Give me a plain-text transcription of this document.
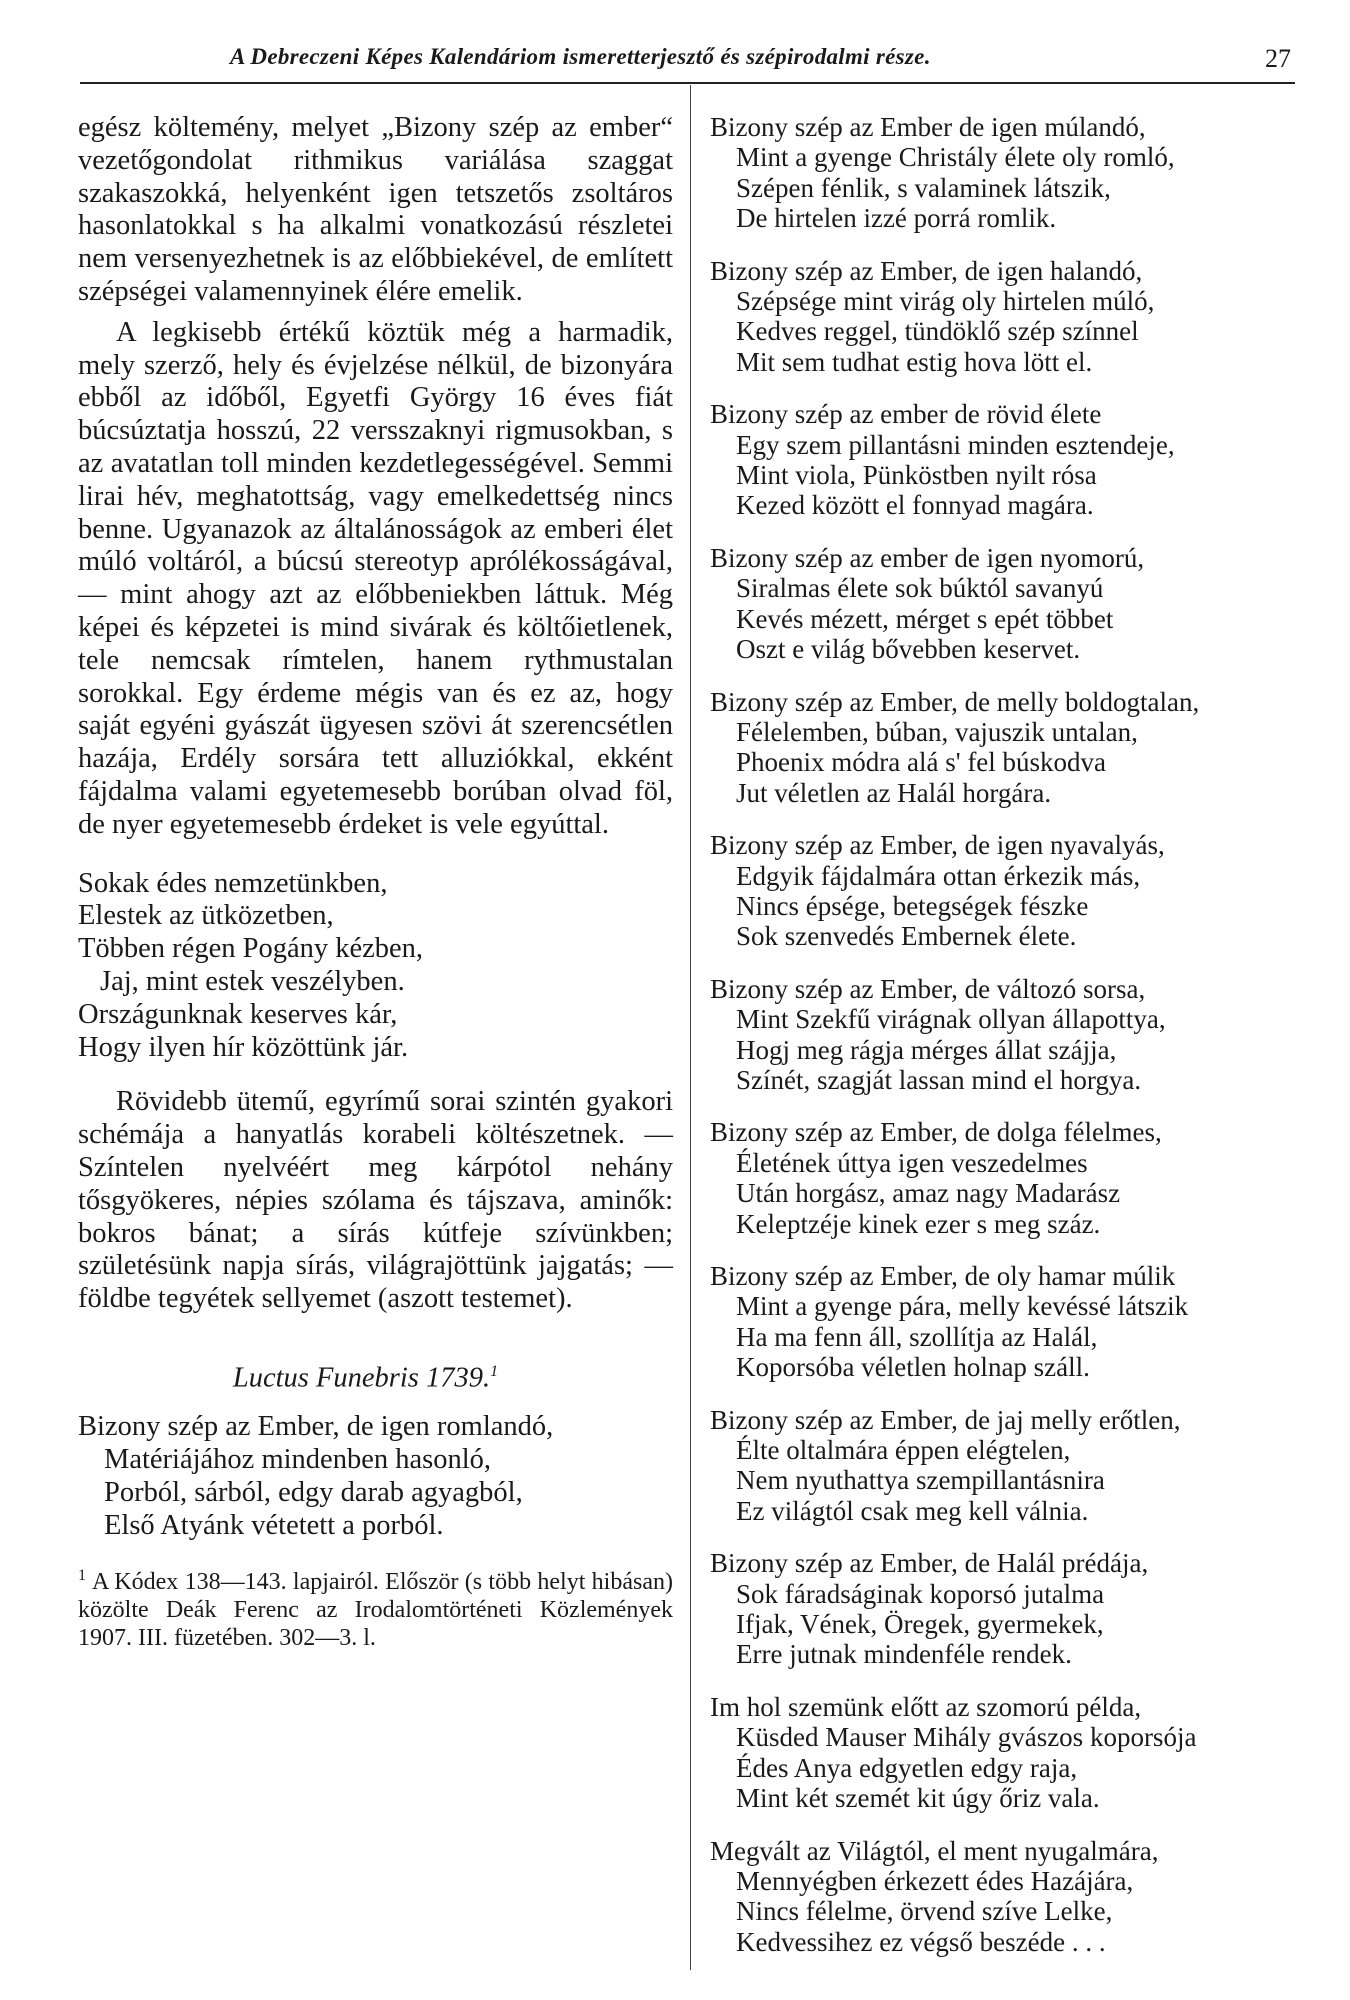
A Debreczeni Képes Kalendáriom ismeretterjesztő és szépirodalmi része.	27
egész költemény, melyet „Bizony szép az ember“ vezetőgondolat rithmikus variálása szaggat szakaszokká, helyenként igen tetszetős zsoltáros hasonlatokkal s ha alkalmi vonatkozású részletei nem versenyezhetnek is az előbbiekével, de említett szépségei valamennyinek élére emelik.
A legkisebb értékű köztük még a harmadik, mely szerző, hely és évjelzése nélkül, de bizonyára ebből az időből, Egyetfi György 16 éves fiát búcsúztatja hosszú, 22 versszaknyi rigmusokban, s az avatatlan toll minden kezdetlegességével. Semmi lirai hév, meghatottság, vagy emelkedettség nincs benne. Ugyanazok az általánosságok az emberi élet múló voltáról, a búcsú stereotyp aprólékosságával, — mint ahogy azt az előbbeniekben láttuk. Még képei és képzetei is mind sivárak és költőietlenek, tele nemcsak rímtelen, hanem rythmustalan sorokkal. Egy érdeme mégis van és ez az, hogy saját egyéni gyászát ügyesen szövi át szerencsétlen hazája, Erdély sorsára tett alluziókkal, ekként fájdalma valami egyetemesebb borúban olvad föl, de nyer egyetemesebb érdeket is vele egyúttal.
Sokak édes nemzetünkben,
Elestek az ütközetben,
Többen régen Pogány kézben,
Jaj, mint estek veszélyben.
Országunknak keserves kár,
Hogy ilyen hír közöttünk jár.
Rövidebb ütemű, egyrímű sorai szintén gyakori schémája a hanyatlás korabeli költészetnek. — Színtelen nyelvéért meg kárpótol nehány tősgyökeres, népies szólama és tájszava, aminők: bokros bánat; a sírás kútfeje szívünkben; születésünk napja sírás, világrajöttünk jajgatás; — földbe tegyétek sellyemet (aszott testemet).
Luctus Funebris 1739.$^1$
Bizony szép az Ember, de igen romlandó,
Matériájához mindenben hasonló,
Porból, sárból, edgy darab agyagból,
Első Atyánk vétetett a porból.
$^1$ A Kódex 138—143. lapjairól. Először (s több helyt hibásan) közölte Deák Ferenc az Irodalomtörténeti Közlemények 1907. III. füzetében. 302—3. l.
Bizony szép az Ember de igen múlandó,
Mint a gyenge Christály élete oly romló,
Szépen fénlik, s valaminek látszik,
De hirtelen izzé porrá romlik.
Bizony szép az Ember, de igen halandó,
Szépsége mint virág oly hirtelen múló,
Kedves reggel, tündöklő szép színnel
Mit sem tudhat estig hova lött el.
Bizony szép az ember de rövid élete
Egy szem pillantásni minden esztendeje,
Mint viola, Pünköstben nyilt rósa
Kezed között el fonnyad magára.
Bizony szép az ember de igen nyomorú,
Siralmas élete sok búktól savanyú
Kevés mézett, mérget s epét többet
Oszt e világ bővebben keservet.
Bizony szép az Ember, de melly boldogtalan,
Félelemben, búban, vajuszik untalan,
Phoenix módra alá s' fel búskodva
Jut véletlen az Halál horgára.
Bizony szép az Ember, de igen nyavalyás,
Edgyik fájdalmára ottan érkezik más,
Nincs épsége, betegségek fészke
Sok szenvedés Embernek élete.
Bizony szép az Ember, de változó sorsa,
Mint Szekfű virágnak ollyan állapottya,
Hogj meg rágja mérges állat szájja,
Színét, szagját lassan mind el horgya.
Bizony szép az Ember, de dolga félelmes,
Életének úttya igen veszedelmes
Után horgász, amaz nagy Madarász
Keleptzéje kinek ezer s meg száz.
Bizony szép az Ember, de oly hamar múlik
Mint a gyenge pára, melly kevéssé látszik
Ha ma fenn áll, szollítja az Halál,
Koporsóba véletlen holnap száll.
Bizony szép az Ember, de jaj melly erőtlen,
Élte oltalmára éppen elégtelen,
Nem nyuthattya szempillantásnira
Ez világtól csak meg kell válnia.
Bizony szép az Ember, de Halál prédája,
Sok fáradságinak koporsó jutalma
Ifjak, Vének, Öregek, gyermekek,
Erre jutnak mindenféle rendek.
Im hol szemünk előtt az szomorú példa,
Küsded Mauser Mihály gvászos koporsója
Édes Anya edgyetlen edgy raja,
Mint két szemét kit úgy őriz vala.
Megvált az Világtól, el ment nyugalmára,
Mennyégben érkezett édes Hazájára,
Nincs félelme, örvend szíve Lelke,
Kedvessihez ez végső beszéde . . .
